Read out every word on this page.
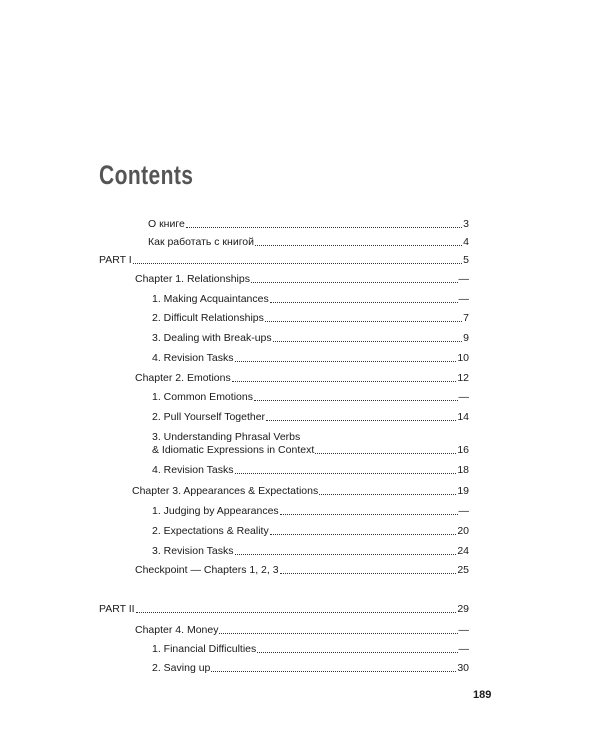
Contents
О книге	3
Как работать с книгой	4
PART I	5
Chapter 1. Relationships	—
1. Making Acquaintances	—
2. Difficult Relationships	7
3. Dealing with Break-ups	9
4. Revision Tasks	10
Chapter 2. Emotions	12
1. Common Emotions	—
2. Pull Yourself Together	14
3. Understanding Phrasal Verbs
& Idiomatic Expressions in Context	16
4. Revision Tasks	18
Chapter 3. Appearances & Expectations	19
1. Judging by Appearances	—
2. Expectations & Reality	20
3. Revision Tasks	24
Checkpoint — Chapters 1, 2, 3	25
PART II	29
Chapter 4. Money	—
1. Financial Difficulties	—
2. Saving up	30
189
